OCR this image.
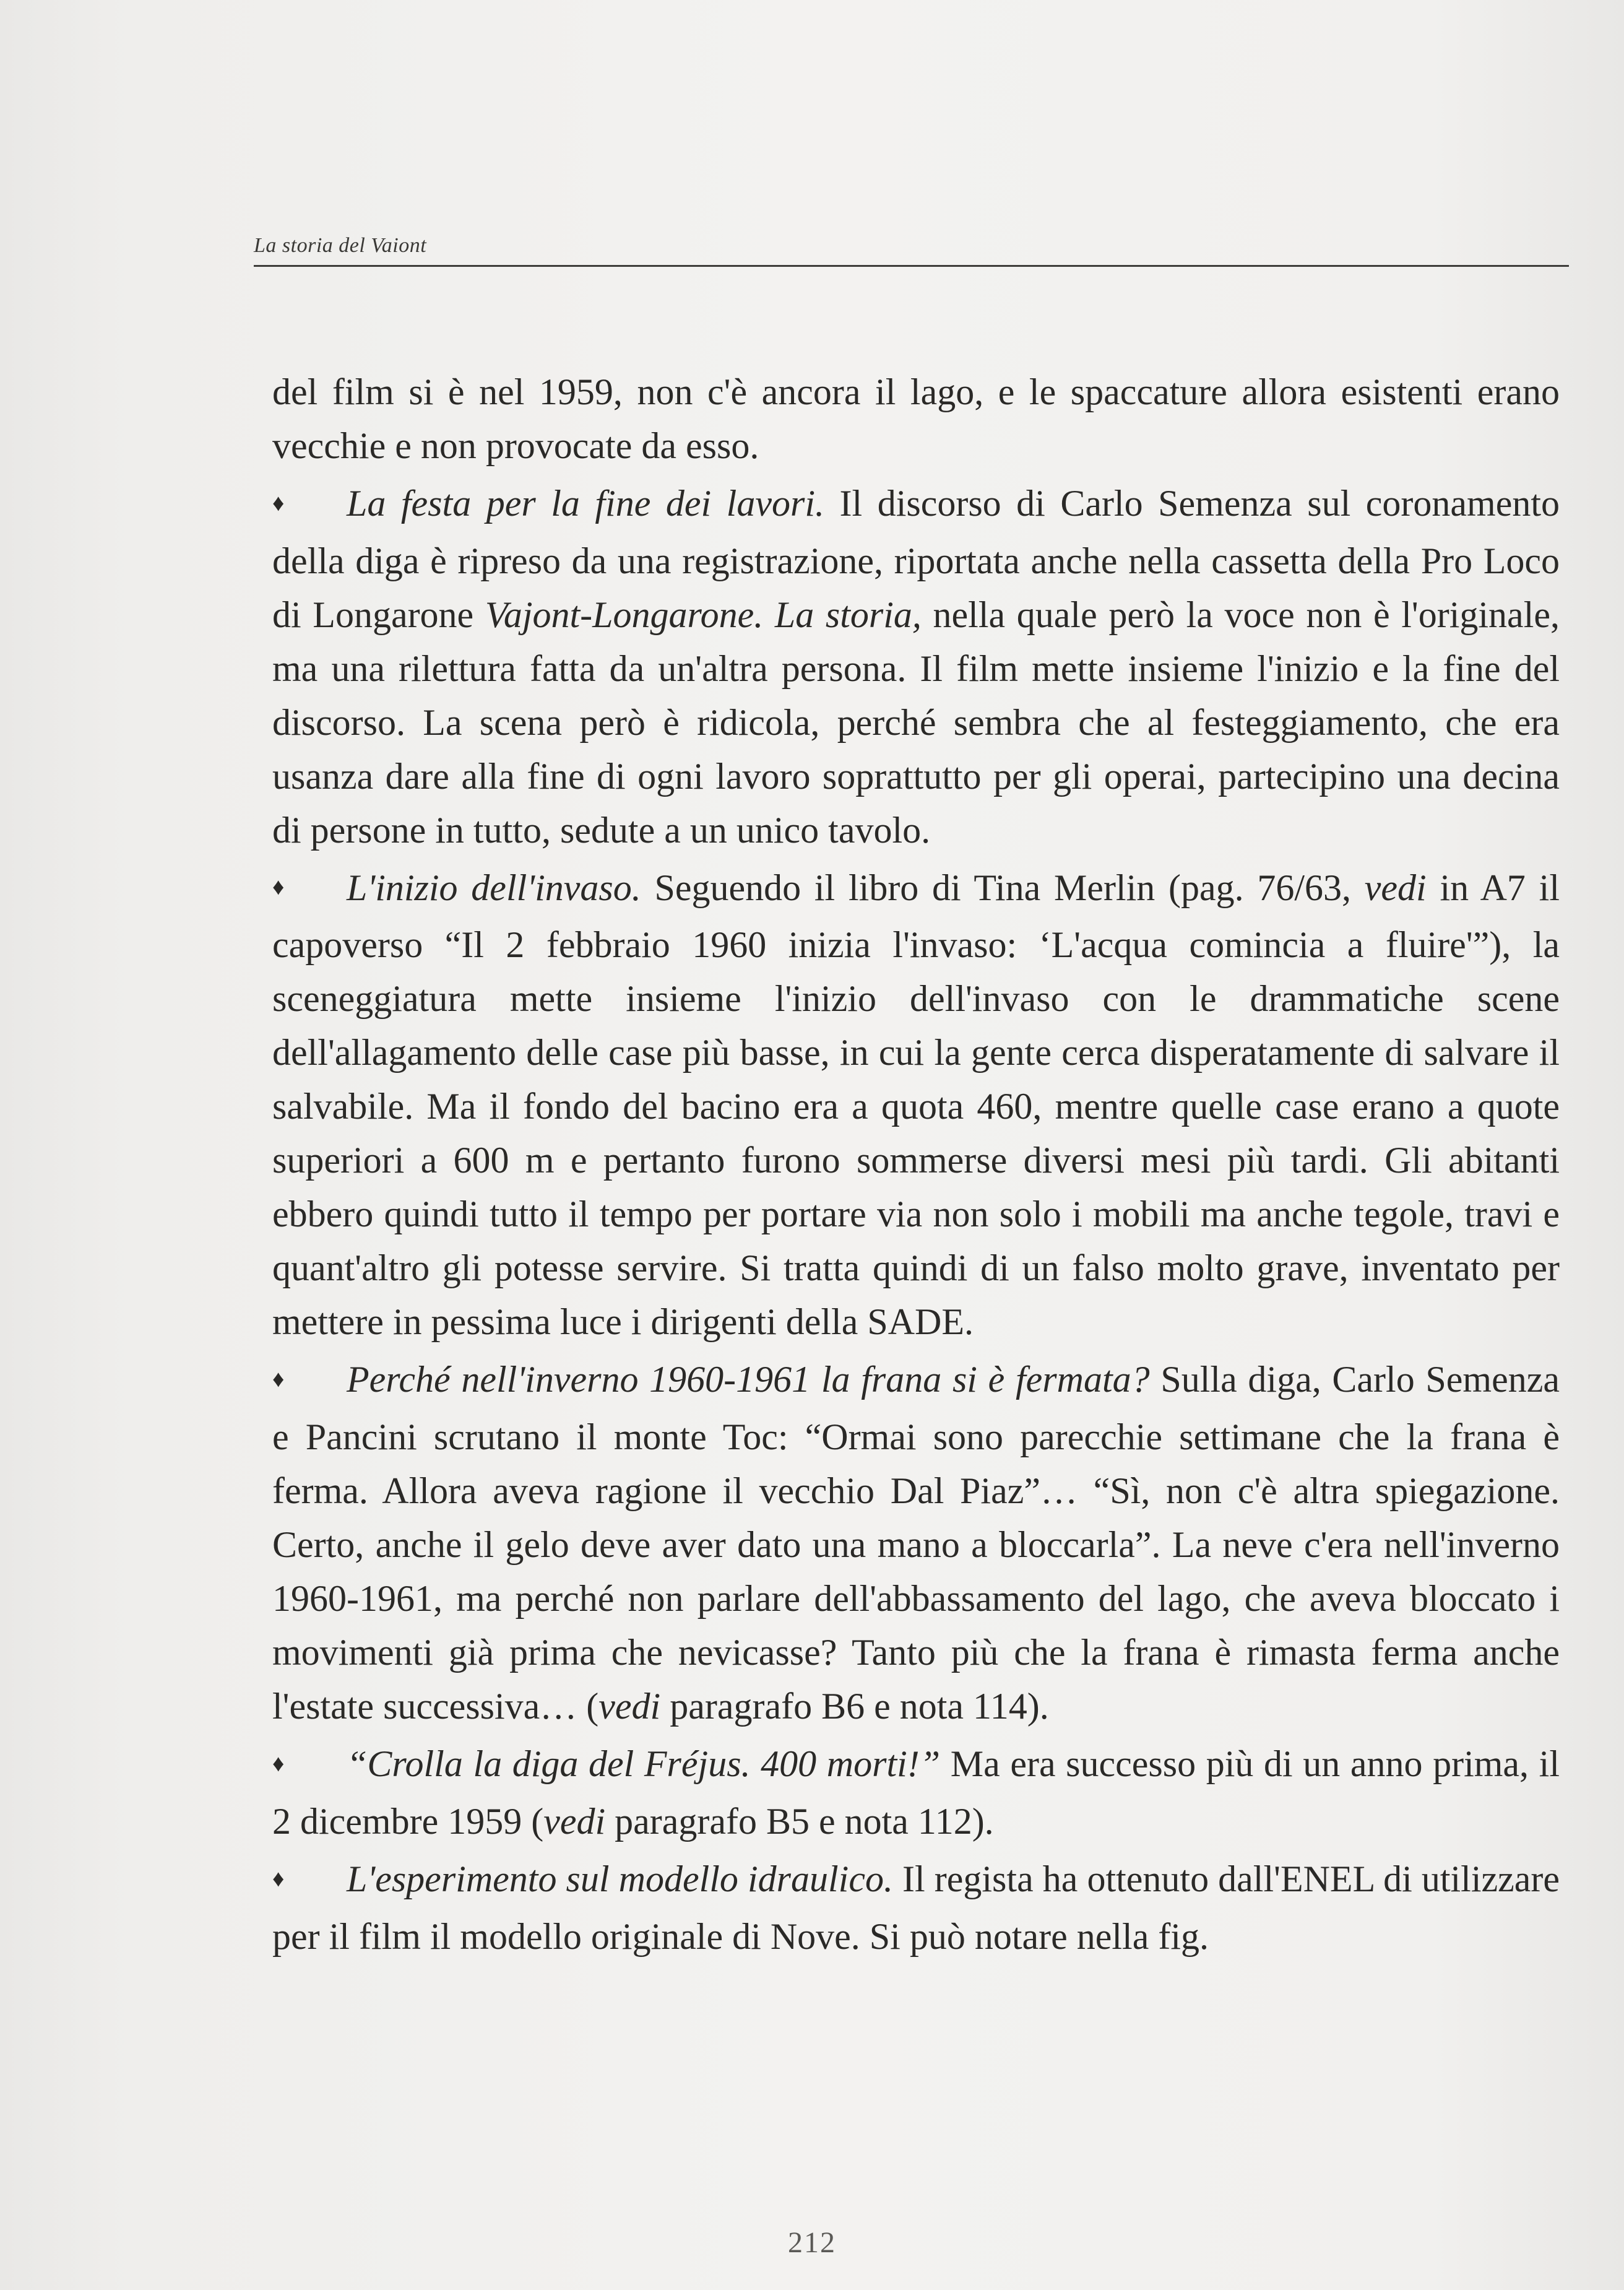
La storia del Vaiont

del film si è nel 1959, non c'è ancora il lago, e le spaccature allora esistenti erano vecchie e non provocate da esso.

♦ La festa per la fine dei lavori. Il discorso di Carlo Semenza sul coronamento della diga è ripreso da una registrazione, riportata anche nella cassetta della Pro Loco di Longarone Vajont-Longarone. La storia, nella quale però la voce non è l'originale, ma una rilettura fatta da un'altra persona. Il film mette insieme l'inizio e la fine del discorso. La scena però è ridicola, perché sembra che al festeggiamento, che era usanza dare alla fine di ogni lavoro soprattutto per gli operai, partecipino una decina di persone in tutto, sedute a un unico tavolo.

♦ L'inizio dell'invaso. Seguendo il libro di Tina Merlin (pag. 76/63, vedi in A7 il capoverso “Il 2 febbraio 1960 inizia l'invaso: ‘L'acqua comincia a fluire'”), la sceneggiatura mette insieme l'inizio dell'invaso con le drammatiche scene dell'allagamento delle case più basse, in cui la gente cerca disperatamente di salvare il salvabile. Ma il fondo del bacino era a quota 460, mentre quelle case erano a quote superiori a 600 m e pertanto furono sommerse diversi mesi più tardi. Gli abitanti ebbero quindi tutto il tempo per portare via non solo i mobili ma anche tegole, travi e quant'altro gli potesse servire. Si tratta quindi di un falso molto grave, inventato per mettere in pessima luce i dirigenti della SADE.

♦ Perché nell'inverno 1960-1961 la frana si è fermata? Sulla diga, Carlo Semenza e Pancini scrutano il monte Toc: “Ormai sono parecchie settimane che la frana è ferma. Allora aveva ragione il vecchio Dal Piaz”… “Sì, non c'è altra spiegazione. Certo, anche il gelo deve aver dato una mano a bloccarla”. La neve c'era nell'inverno 1960-1961, ma perché non parlare dell'abbassamento del lago, che aveva bloccato i movimenti già prima che nevicasse? Tanto più che la frana è rimasta ferma anche l'estate successiva… (vedi paragrafo B6 e nota 114).

♦ “Crolla la diga del Fréjus. 400 morti!” Ma era successo più di un anno prima, il 2 dicembre 1959 (vedi paragrafo B5 e nota 112).

♦ L'esperimento sul modello idraulico. Il regista ha ottenuto dall'ENEL di utilizzare per il film il modello originale di Nove. Si può notare nella fig.

212
